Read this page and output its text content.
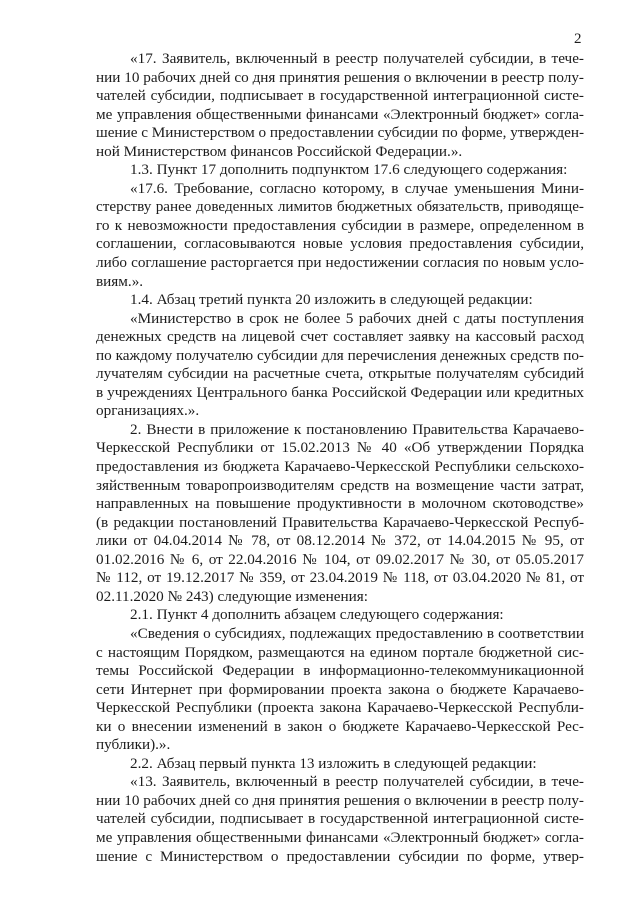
2
«17. Заявитель, включенный в реестр получателей субсидии, в тече-
нии 10 рабочих дней со дня принятия решения о включении в реестр полу-
чателей субсидии, подписывает в государственной интеграционной систе-
ме управления общественными финансами «Электронный бюджет» согла-
шение с Министерством о предоставлении субсидии по форме, утвержден-
ной Министерством финансов Российской Федерации.».
1.3. Пункт 17 дополнить подпунктом 17.6 следующего содержания:
«17.6. Требование, согласно которому, в случае уменьшения Мини-
стерству ранее доведенных лимитов бюджетных обязательств, приводяще-
го к невозможности предоставления субсидии в размере, определенном в
соглашении, согласовываются новые условия предоставления субсидии,
либо соглашение расторгается при недостижении согласия по новым усло-
виям.».
1.4. Абзац третий пункта 20 изложить в следующей редакции:
«Министерство в срок не более 5 рабочих дней с даты поступления
денежных средств на лицевой счет составляет заявку на кассовый расход
по каждому получателю субсидии для перечисления денежных средств по-
лучателям субсидии на расчетные счета, открытые получателям субсидий
в учреждениях Центрального банка Российской Федерации или кредитных
организациях.».
2. Внести в приложение к постановлению Правительства Карачаево-
Черкесской Республики от 15.02.2013 № 40 «Об утверждении Порядка
предоставления из бюджета Карачаево-Черкесской Республики сельскохо-
зяйственным товаропроизводителям средств на возмещение части затрат,
направленных на повышение продуктивности в молочном скотоводстве»
(в редакции постановлений Правительства Карачаево-Черкесской Респуб-
лики от 04.04.2014 № 78, от 08.12.2014 № 372, от 14.04.2015 № 95, от
01.02.2016 № 6, от 22.04.2016 № 104, от 09.02.2017 № 30, от 05.05.2017
№ 112, от 19.12.2017 № 359, от 23.04.2019 № 118, от 03.04.2020 № 81, от
02.11.2020 № 243) следующие изменения:
2.1. Пункт 4 дополнить абзацем следующего содержания:
«Сведения о субсидиях, подлежащих предоставлению в соответствии
с настоящим Порядком, размещаются на едином портале бюджетной сис-
темы Российской Федерации в информационно-телекоммуникационной
сети Интернет при формировании проекта закона о бюджете Карачаево-
Черкесской Республики (проекта закона Карачаево-Черкесской Республи-
ки о внесении изменений в закон о бюджете Карачаево-Черкесской Рес-
публики).».
2.2. Абзац первый пункта 13 изложить в следующей редакции:
«13. Заявитель, включенный в реестр получателей субсидии, в тече-
нии 10 рабочих дней со дня принятия решения о включении в реестр полу-
чателей субсидии, подписывает в государственной интеграционной систе-
ме управления общественными финансами «Электронный бюджет» согла-
шение с Министерством о предоставлении субсидии по форме, утвер-
